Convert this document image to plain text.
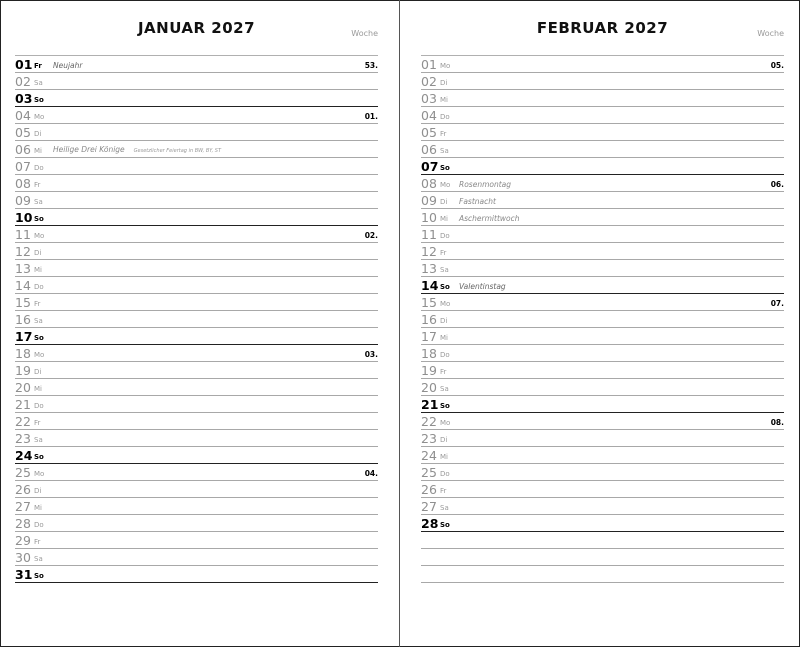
JANUAR 2027	Woche
01 Fr Neujahr	53.
02 Sa
03 So
04 Mo	01.
05 Di
06 Mi Heilige Drei Könige Gesetzlicher Feiertag in BW, BY, ST
07 Do
08 Fr
09 Sa
10 So
11 Mo	02.
12 Di
13 Mi
14 Do
15 Fr
16 Sa
17 So
18 Mo	03.
19 Di
20 Mi
21 Do
22 Fr
23 Sa
24 So
25 Mo	04.
26 Di
27 Mi
28 Do
29 Fr
30 Sa
31 So
FEBRUAR 2027	Woche
01 Mo	05.
02 Di
03 Mi
04 Do
05 Fr
06 Sa
07 So
08 Mo Rosenmontag	06.
09 Di Fastnacht
10 Mi Aschermittwoch
11 Do
12 Fr
13 Sa
14 So Valentinstag
15 Mo	07.
16 Di
17 Mi
18 Do
19 Fr
20 Sa
21 So
22 Mo	08.
23 Di
24 Mi
25 Do
26 Fr
27 Sa
28 So
